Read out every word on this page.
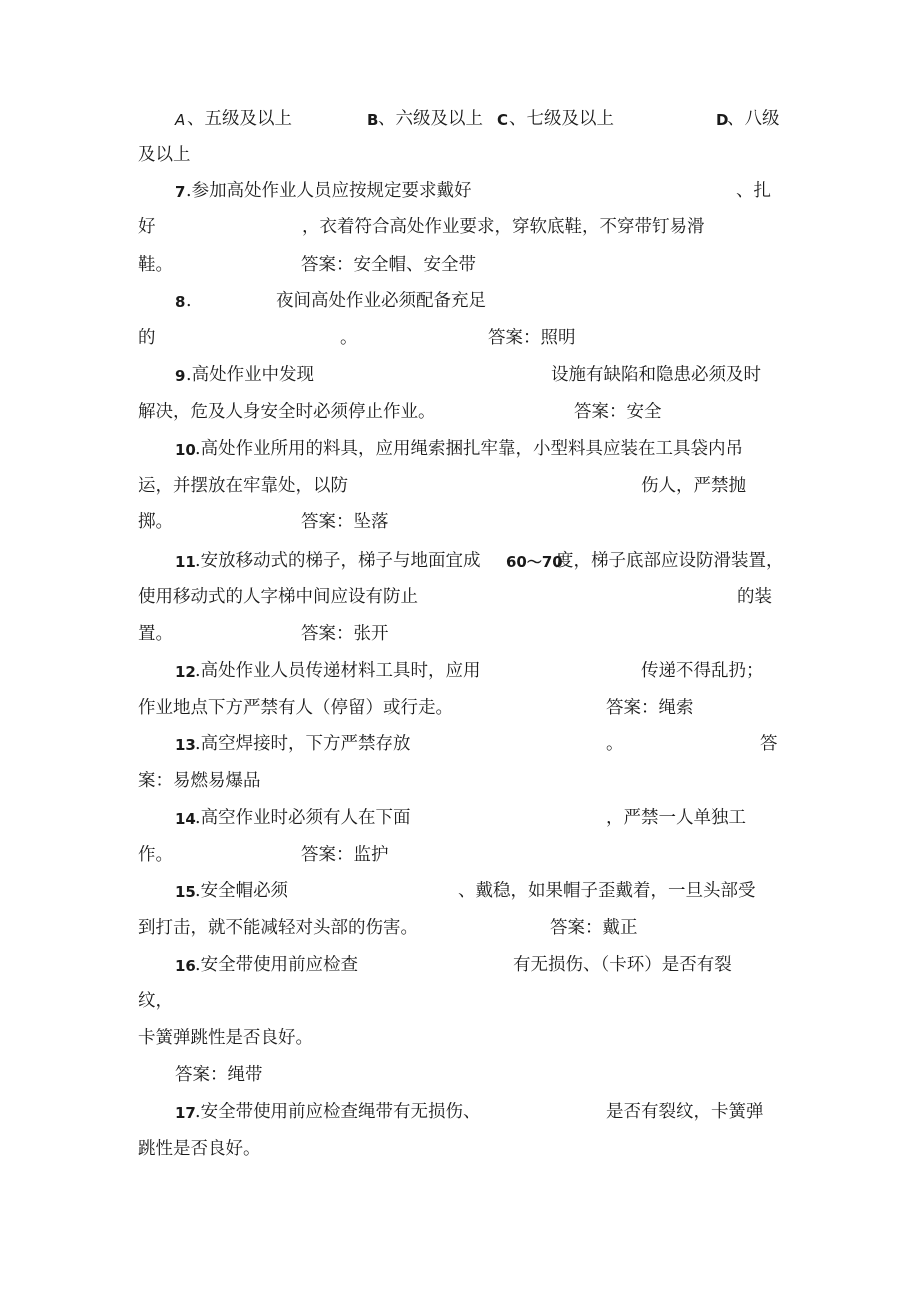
A 、五级及以上	B 、六级及以上 C 、七级及以上	D
、八级
及以上
7 .参加高处作业人员应按规定要求戴好	、扎
好	，衣着符合高处作业要求，穿软底鞋，不穿带钉易滑
鞋。	答案：安全帽、安全带
8 .	夜间高处作业必须配备充足
的	。	答案：照明
9 .高处作业中发现	设施有缺陷和隐患必须及时
解决，危及人身安全时必须停止作业。	答案：安全
10 .高处作业所用的料具，应用绳索捆扎牢靠，小型料具应装在工具袋内吊
运，并摆放在牢靠处，以防	伤人，严禁抛
掷。	答案：坠落
11 .安放移动式的梯子，梯子与地面宜成 60〜70
度，梯子底部应设防滑装置，
使用移动式的人字梯中间应设有防止	的装
置。	答案：张开
12 .高处作业人员传递材料工具时，应用	传递不得乱扔；
作业地点下方严禁有人（停留）或行走。	答案：绳索
13 .高空焊接时，下方严禁存放	。	答
案：易燃易爆品
14 .高空作业时必须有人在下面	，严禁一人单独工
作。	答案：监护
15 .安全帽必须	、戴稳，如果帽子歪戴着，一旦头部受
到打击，就不能减轻对头部的伤害。	答案：戴正
16 .安全带使用前应检查	有无损伤、（卡环）是否有裂
纹，
卡簧弹跳性是否良好。
答案：绳带
17 .安全带使用前应检查绳带有无损伤、	是否有裂纹，卡簧弹
跳性是否良好。
